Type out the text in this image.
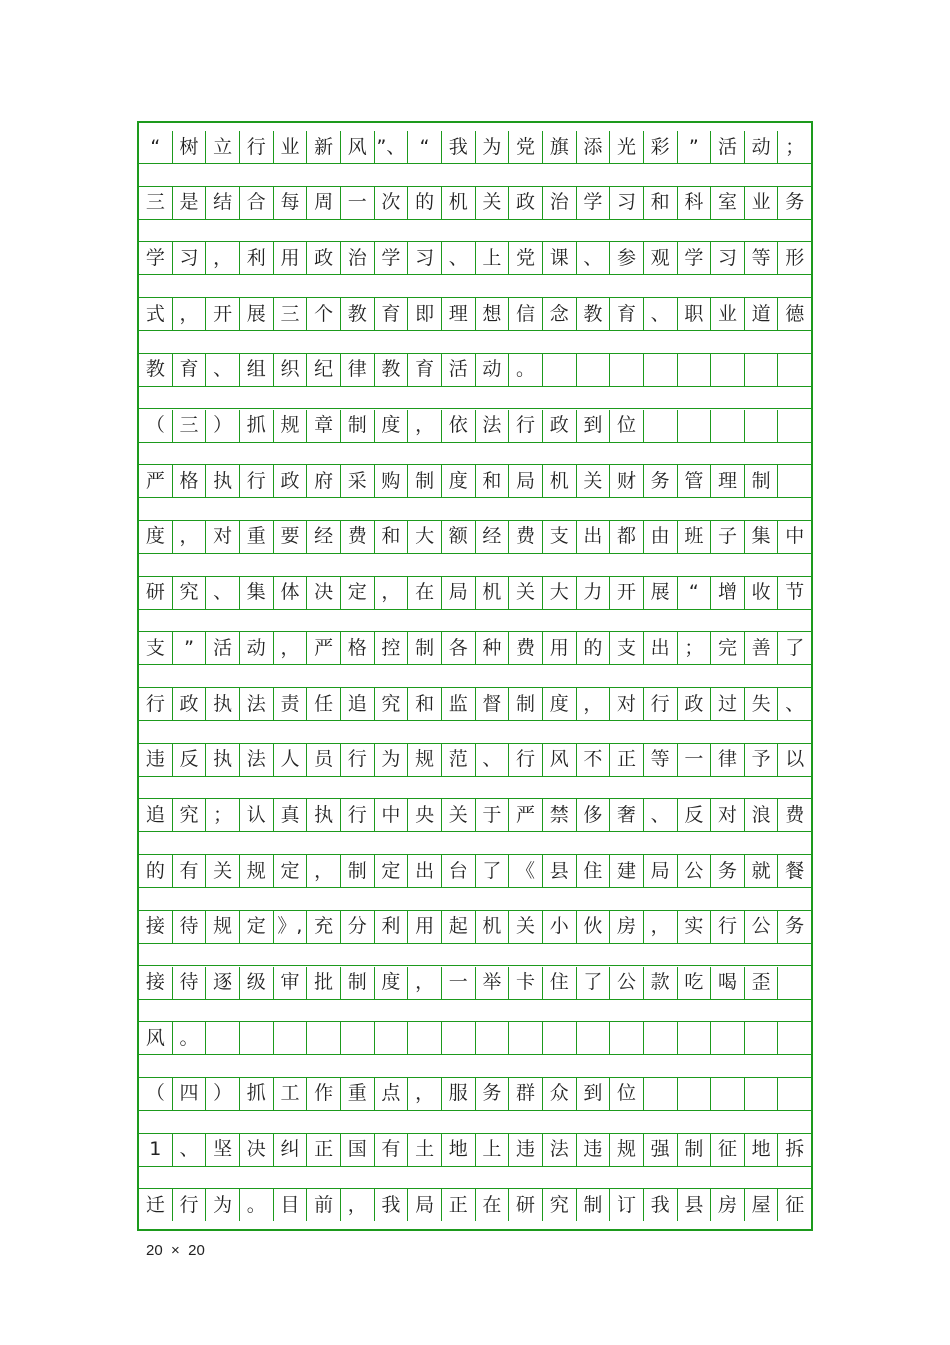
“	树 立 行 业 新 风 ”、 “	我 为 党 旗 添 光 彩	”	活 动 ；
三 是 结 合 每 周 一 次 的 机 关 政 治 学 习 和 科 室 业 务
学 习 ， 利 用 政 治 学 习 、 上 党 课 、 参 观 学 习 等 形
式 ， 开 展 三 个 教 育 即 理 想 信 念 教 育 、 职 业 道 德
教 育 、 组 织 纪 律 教 育 活 动 。
（ 三 ） 抓 规 章 制 度 ， 依 法 行 政 到 位
严 格 执 行 政 府 采 购 制 度 和 局 机 关 财 务 管 理 制
度 ， 对 重 要 经 费 和 大 额 经 费 支 出 都 由 班 子 集 中
研 究 、 集 体 决 定 ， 在 局 机 关 大 力 开 展	“	增 收 节
支	”	活 动 ， 严 格 控 制 各 种 费 用 的 支 出 ； 完 善 了
行 政 执 法 责 任 追 究 和 监 督 制 度 ， 对 行 政 过 失 、
违 反 执 法 人 员 行 为 规 范 、 行 风 不 正 等 一 律 予 以
追 究 ； 认 真 执 行 中 央 关 于 严 禁 侈 奢 、 反 对 浪 费
的 有 关 规 定 ， 制 定 出 台 了 《 县 住 建 局 公 务 就 餐
接 待 规 定 》, 充 分 利 用 起 机 关 小 伙 房 ， 实 行 公 务
接 待 逐 级 审 批 制 度 ， 一 举 卡 住 了 公 款 吃 喝 歪
风 。
（ 四 ） 抓 工 作 重 点 ， 服 务 群 众 到 位
1 、 坚 决 纠 正 国 有 土 地 上 违 法 违 规 强 制 征 地 拆
迁 行 为 。 目 前 ， 我 局 正 在 研 究 制 订 我 县 房 屋 征
20  ×  20
